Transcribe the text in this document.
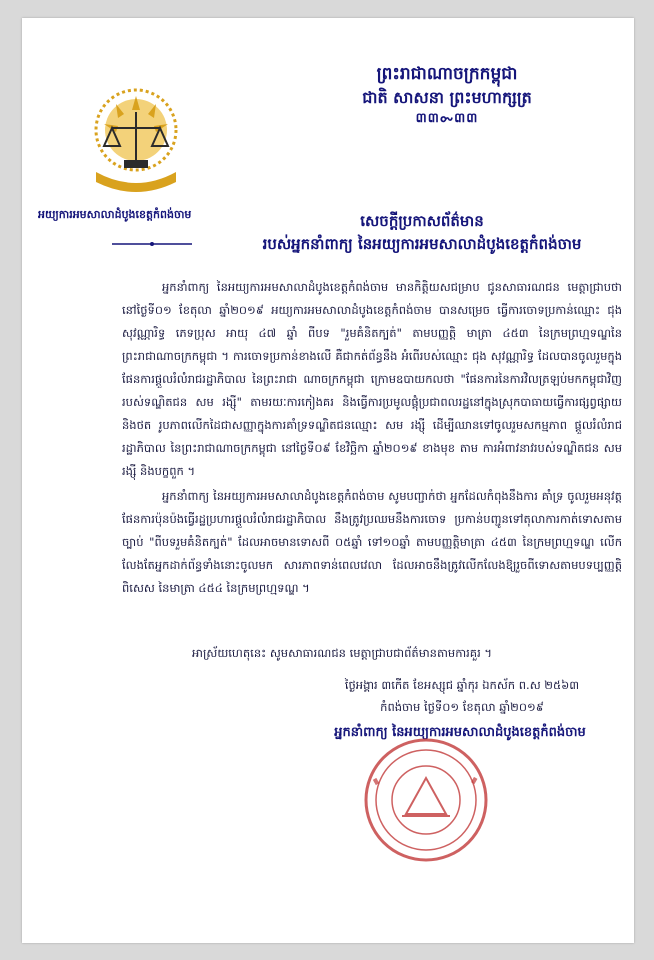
ព្រះរាជាណាចក្រកម្ពុជា
ជាតិ សាសនា ព្រះមហាក្សត្រ
៣៣ᯡ៣៣
អយ្យការអមសាលាដំបូងខេត្តកំពង់ចាម	សេចក្តីប្រកាសព័ត៌មាន
របស់អ្នកនាំពាក្យ នៃអយ្យការអមសាលាដំបូងខេត្តកំពង់ចាម

អ្នកនាំពាក្យ នៃអយ្យការអមសាលាដំបូងខេត្តកំពង់ចាម មានកិត្តិយសជម្រាប ជូនសាធារណជន មេត្តាជ្រាបថា នៅថ្ងៃទី០១ ខែតុលា ឆ្នាំ២០១៩ អយ្យការអមសាលាដំបូងខេត្តកំពង់ចាម បានសម្រេច ធ្វើការចោទប្រកាន់ឈ្មោះ ជុង សុវណ្ណារិទ្ធ ភេទប្រុស អាយុ ៤៧ ឆ្នាំ ពីបទ "រួមគំនិតក្បត់" តាមបញ្ញត្តិ មាត្រា ៤៥៣ នៃក្រមព្រហ្មទណ្ឌនៃព្រះរាជាណាចក្រកម្ពុជា ។ ការចោទប្រកាន់ខាងលើ គឺជាកត់ព័ន្ធនឹង អំពើរបស់ឈ្មោះ ជុង សុវណ្ណារិទ្ធ ដែលបានចូលរួមក្នុងផែនការផ្តួលរំលំរាជរដ្ឋាភិបាល នៃព្រះរាជា ណាចក្រកម្ពុជា ក្រោមឧបាយកលថា "ផែនការនៃការវិលត្រឡប់មកកម្ពុជាវិញរបស់ទណ្ឌិតជន សម រង្ស៊ី" តាមរយៈការកៀងគរ និងធ្វើការប្រមូលផ្តុំប្រជាពលរដ្ឋនៅក្នុងស្រុកបាធាយធ្វើការផ្សព្វផ្សាយ និងថត រូបភាពលើកដៃជាសញ្ញាក្នុងការគាំទ្រទណ្ឌិតជនឈ្មោះ សម រង្ស៊ី ដើម្បីឈានទៅចូលរួមសកម្មភាព ផ្តួលរំលំរាជរដ្ឋាភិបាល នៃព្រះរាជាណាចក្រកម្ពុជា នៅថ្ងៃទី០៩ ខែវិច្ឆិកា ឆ្នាំ២០១៩ ខាងមុខ តាម ការអំពាវនាវរបស់ទណ្ឌិតជន សម រង្ស៊ី និងបក្ខពួក ។

អ្នកនាំពាក្យ នៃអយ្យការអមសាលាដំបូងខេត្តកំពង់ចាម សូមបញ្ជាក់ថា អ្នកដែលកំពុងនឹងការ គាំទ្រ ចូលរួមអនុវត្តផែនការប៉ុនប៉ងធ្វើរដ្ឋប្រហារផ្តួលរំលំរាជរដ្ឋាភិបាល នឹងត្រូវប្រឈមនឹងការចោទ ប្រកាន់បញ្ជូនទៅតុលាការកាត់ទោសតាមច្បាប់ "ពីបទរួមគំនិតក្បត់" ដែលអាចមានទោសពី ០៥ឆ្នាំ ទៅ១០ឆ្នាំ តាមបញ្ញត្តិមាត្រា ៤៥៣ នៃក្រមព្រហ្មទណ្ឌ លើកលែងតែអ្នកដាក់ព័ន្ធទាំងនោះចូលមក សារភាពទាន់ពេលវេលា ដែលអាចនឹងត្រូវលើកលែងឱ្យរួចពីទោសតាមបទប្បញ្ញត្តិពិសេស នៃមាត្រា ៤៥៤ នៃក្រមព្រហ្មទណ្ឌ ។

អាស្រ័យហេតុនេះ សូមសាធារណជន មេត្តាជ្រាបជាព័ត៌មានតាមការគួរ ។
ថ្ងៃអង្គារ ៣កើត ខែអស្សុជ ឆ្នាំកុរ ឯកស័ក ព.ស ២៥៦៣
កំពង់ចាម ថ្ងៃទី០១ ខែតុលា ឆ្នាំ២០១៩
អ្នកនាំពាក្យ នៃអយ្យការអមសាលាដំបូងខេត្តកំពង់ចាម
